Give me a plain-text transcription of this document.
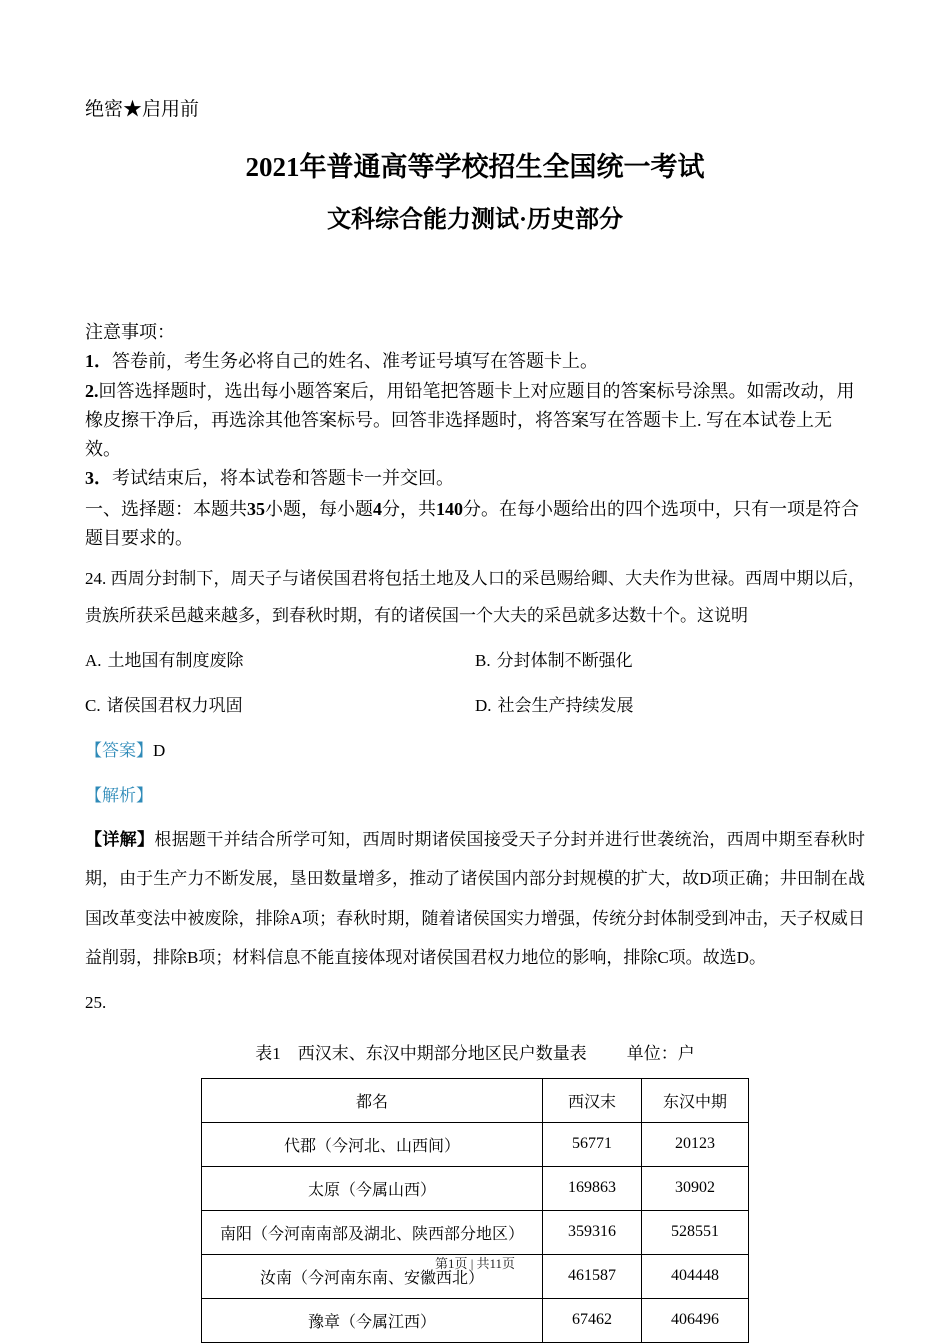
绝密★启用前
2021年普通高等学校招生全国统一考试
文科综合能力测试·历史部分

注意事项：

1．答卷前，考生务必将自己的姓名、准考证号填写在答题卡上。

2.回答选择题时，选出每小题答案后，用铅笔把答题卡上对应题目的答案标号涂黑。如需改动，用橡皮擦干净后，再选涂其他答案标号。回答非选择题时，将答案写在答题卡上. 写在本试卷上无效。

3．考试结束后，将本试卷和答题卡一并交回。

一、选择题：本题共35小题，每小题4分，共140分。在每小题给出的四个选项中，只有一项是符合题目要求的。
24. 西周分封制下，周天子与诸侯国君将包括土地及人口的采邑赐给卿、大夫作为世禄。西周中期以后，贵族所获采邑越来越多，到春秋时期，有的诸侯国一个大夫的采邑就多达数十个。这说明
A. 土地国有制度废除	B. 分封体制不断强化
C. 诸侯国君权力巩固	D. 社会生产持续发展
【答案】D
【解析】
【详解】根据题干并结合所学可知，西周时期诸侯国接受天子分封并进行世袭统治，西周中期至春秋时期，由于生产力不断发展，垦田数量增多，推动了诸侯国内部分封规模的扩大，故D项正确；井田制在战国改革变法中被废除，排除A项；春秋时期，随着诸侯国实力增强，传统分封体制受到冲击，天子权威日益削弱，排除B项；材料信息不能直接体现对诸侯国君权力地位的影响，排除C项。故选D。
25.
表1　西汉末、东汉中期部分地区民户数量表 单位：户
都名	西汉末	东汉中期
代郡（今河北、山西间）	56771	20123
太原（今属山西）	169863	30902
南阳（今河南南部及湖北、陕西部分地区）	359316	528551
汝南（今河南东南、安徽西北）	461587	404448
豫章（今属江西）	67462	406496
第1页 | 共11页
